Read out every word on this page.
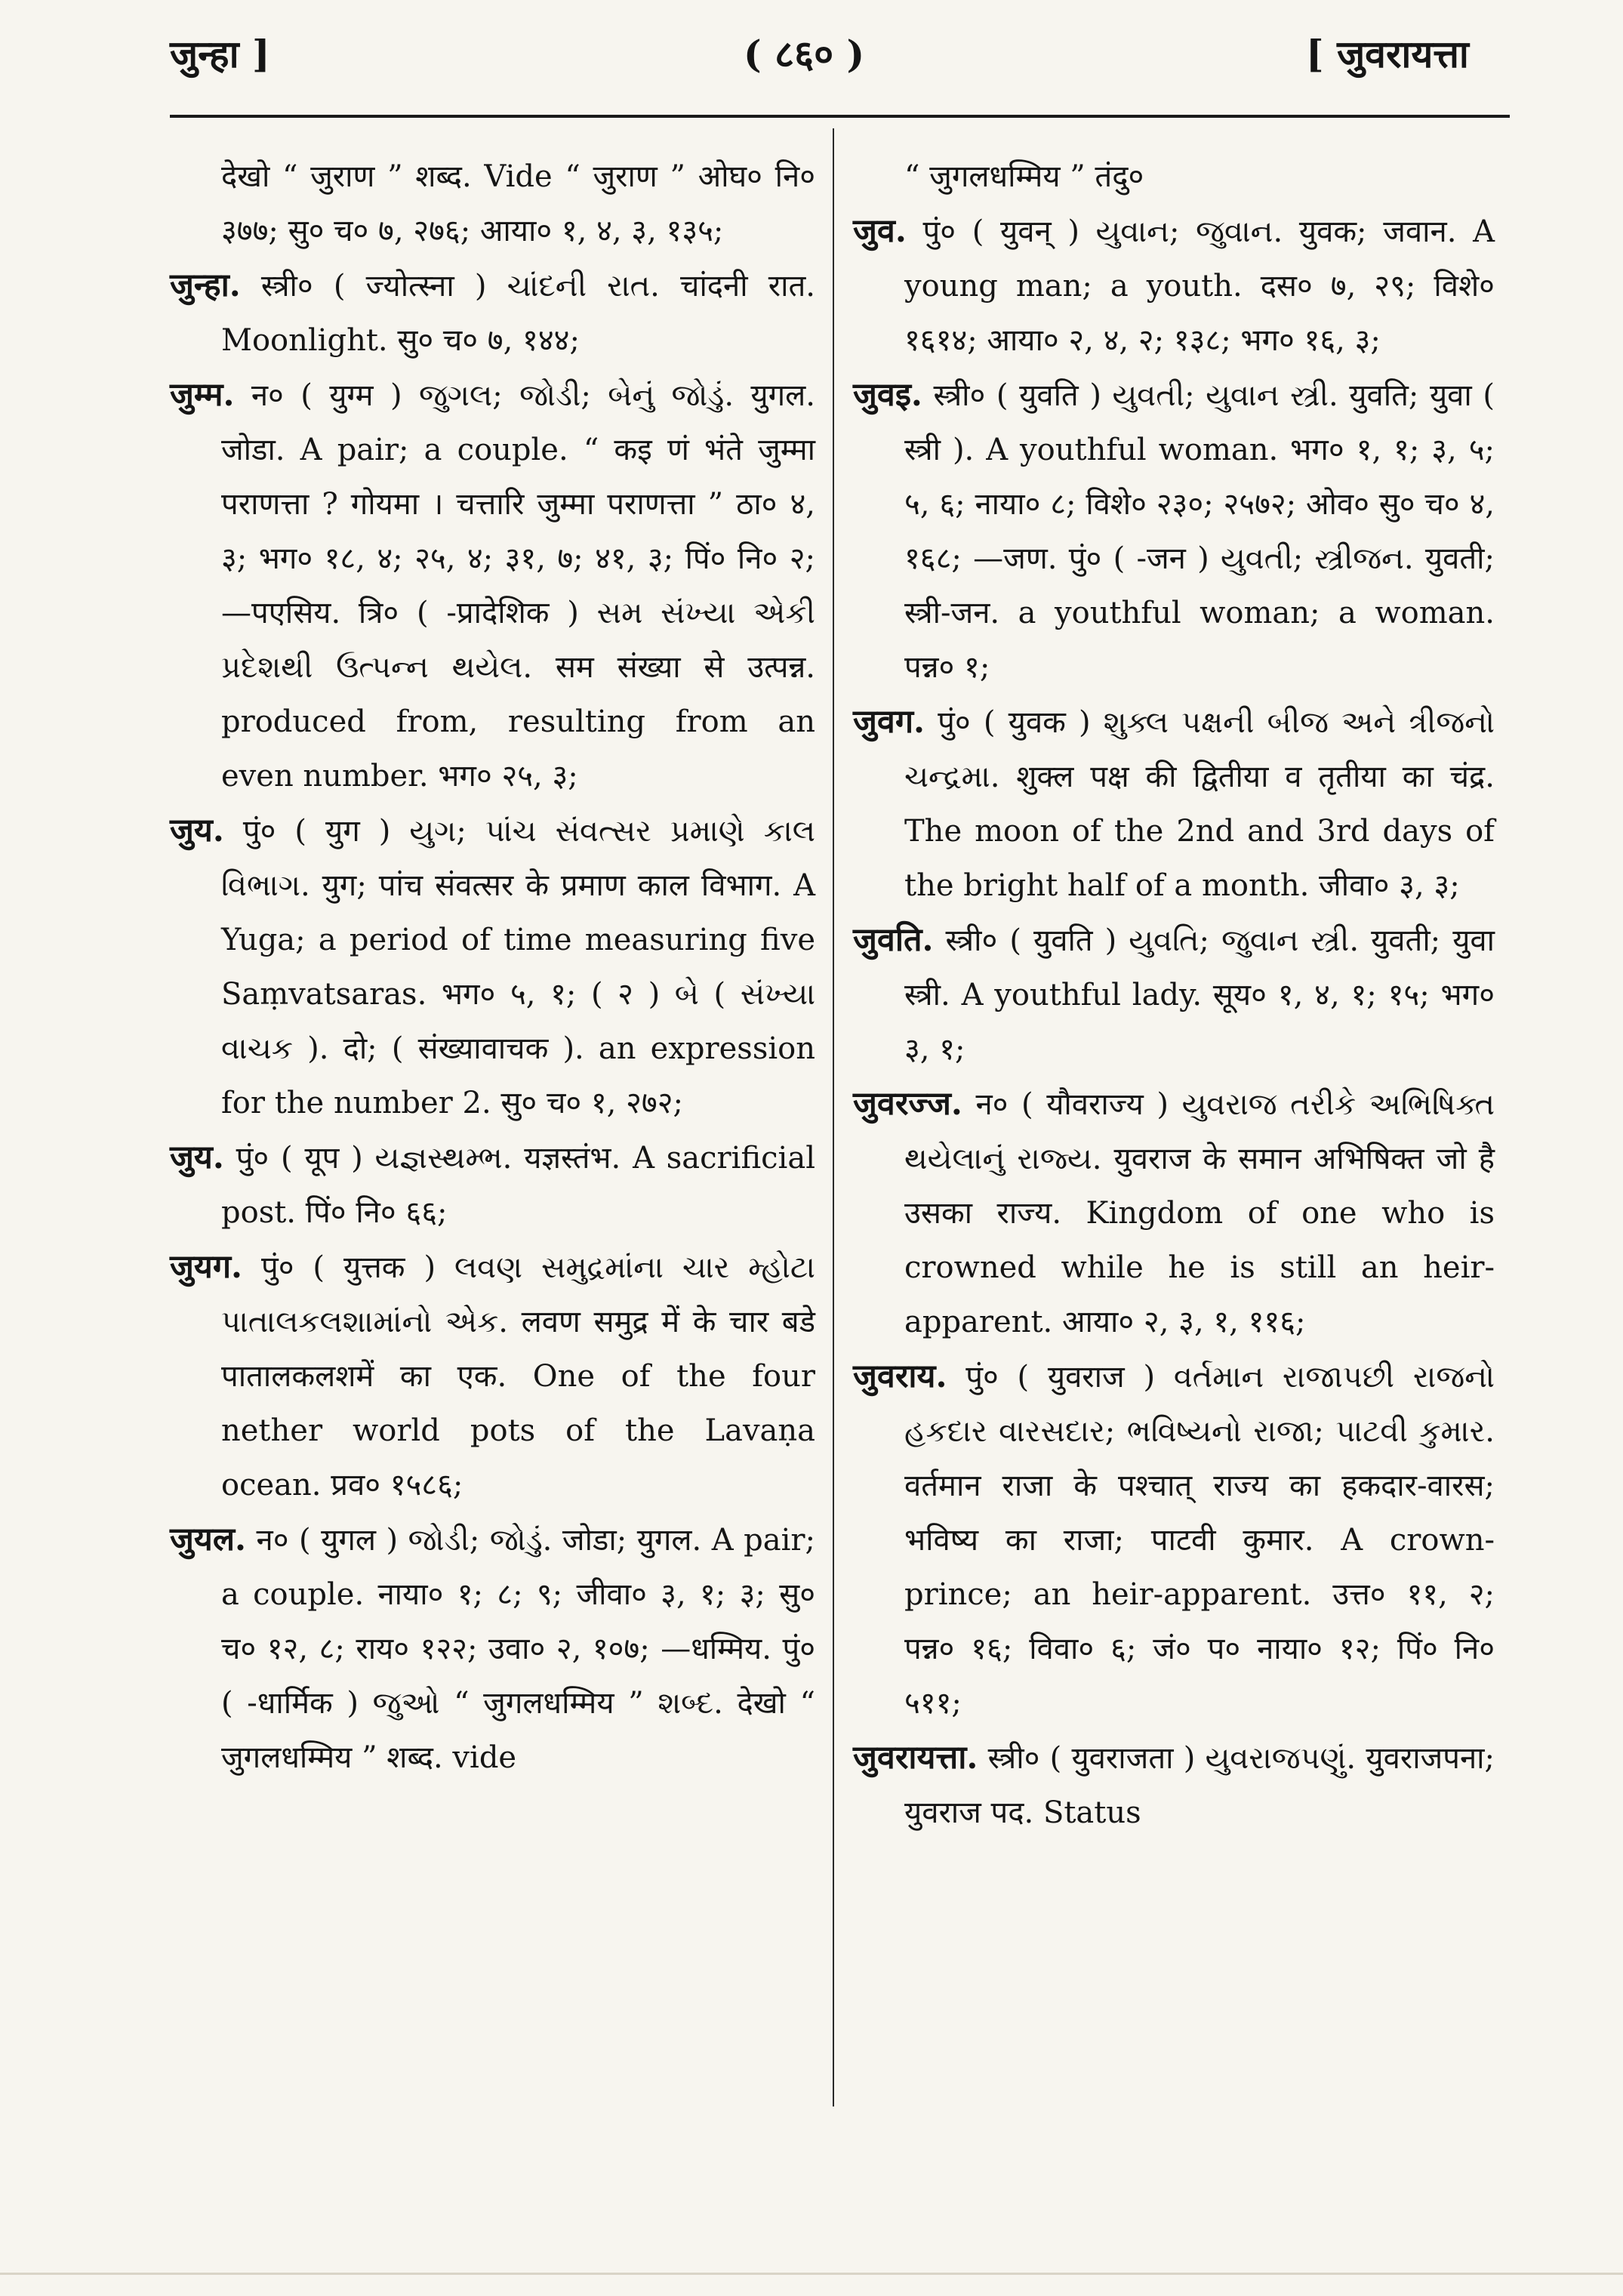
जुन्हा ]	( ८६० )	[ जुवरायत्ता

देखो “ जुराण ” शब्द. Vide “ जुराण ” ओघ० नि० ३७७; सु० च० ७, २७६; आया० १, ४, ३, १३५;

जुन्हा. स्त्री० ( ज्योत्स्ना ) ચાંદની રાત. चांदनी रात. Moonlight. सु० च० ७, १४४;

जुम्म. न० ( युग्म ) જુગલ; જોડી; બેનું જોડું. युगल. जोडा. A pair; a couple. “ कइ णं भंते जुम्मा पराणत्ता ? गोयमा । चत्तारि जुम्मा पराणत्ता ” ठा० ४, ३; भग० १८, ४; २५, ४; ३१, ७; ४१, ३; पिं० नि० २; —पएसिय. त्रि० ( -प्रादेशिक ) સમ સંખ્યા એકી પ્રદેશથી ઉત્પન્ન થયેલ. सम संख्या से उत्पन्न. produced from, resulting from an even number. भग० २५, ३;

जुय. पुं० ( युग ) યુગ; પાંચ સંવત્સર પ્રમાણે કાલ વિભાગ. युग; पांच संवत्सर के प्रमाण काल विभाग. A Yuga; a period of time measuring five Saṃvatsaras. भग० ५, १; ( २ ) બે ( સંખ્યા વાચક ). दो; ( संख्यावाचक ). an expression for the number 2. सु० च० १, २७२;

जुय. पुं० ( यूप ) યજ્ઞસ્થમ્ભ. यज्ञस्तंभ. A sacrificial post. पिं० नि० ६६;

जुयग. पुं० ( युत्तक ) લવણ સમુદ્રમાંના ચાર મ્હોટા પાતાલકલશામાંનો એક. लवण समुद्र में के चार बडे पातालकलशमें का एक. One of the four nether world pots of the Lavaṇa ocean. प्रव० १५८६;

जुयल. न० ( युगल ) જોડી; જોડું. जोडा; युगल. A pair; a couple. नाया० १; ८; ९; जीवा० ३, १; ३; सु० च० १२, ८; राय० १२२; उवा० २, १०७; —धम्मिय. पुं० ( -धार्मिक ) જુઓ “ जुगलधम्मिय ” શબ્દ. देखो “ जुगलधम्मिय ” शब्द. vide

“ जुगलधम्मिय ” तंदु०

जुव. पुं० ( युवन् ) યુવાન; જુવાન. युवक; जवान. A young man; a youth. दस० ७, २९; विशे० १६१४; आया० २, ४, २; १३८; भग० १६, ३;

जुवइ. स्त्री० ( युवति ) યુવતી; યુવાન સ્ત્રી. युवति; युवा ( स्त्री ). A youthful woman. भग० १, १; ३, ५; ५, ६; नाया० ८; विशे० २३०; २५७२; ओव० सु० च० ४, १६८; —जण. पुं० ( -जन ) યુવતી; સ્ત્રીજન. युवती; स्त्री-जन. a youthful woman; a woman. पन्न० १;

जुवग. पुं० ( युवक ) શુક્લ પક્ષની બીજ અને ત્રીજનો ચન્દ્રમા. शुक्ल पक्ष की द्वितीया व तृतीया का चंद्र. The moon of the 2nd and 3rd days of the bright half of a month. जीवा० ३, ३;

जुवति. स्त्री० ( युवति ) યુવતિ; જુવાન સ્ત્રી. युवती; युवा स्त्री. A youthful lady. सूय० १, ४, १; १५; भग० ३, १;

जुवरज्ज. न० ( यौवराज्य ) યુવરાજ તરીકે અભિષિક્ત થયેલાનું રાજ્ય. युवराज के समान अभिषिक्त जो है उसका राज्य. Kingdom of one who is crowned while he is still an heir-apparent. आया० २, ३, १, ११६;

जुवराय. पुं० ( युवराज ) વર્તમાન રાજાપછી રાજનો હકદાર વારસદાર; ભવિષ્યનો રાજા; પાટવી કુમાર. वर्तमान राजा के पश्चात् राज्य का हकदार-वारस; भविष्य का राजा; पाटवी कुमार. A crown-prince; an heir-apparent. उत्त० ११, २; पन्न० १६; विवा० ६; जं० प० नाया० १२; पिं० नि० ५११;

जुवरायत्ता. स्त्री० ( युवराजता ) યુવરાજપણું. युवराजपना; युवराज पद. Status
